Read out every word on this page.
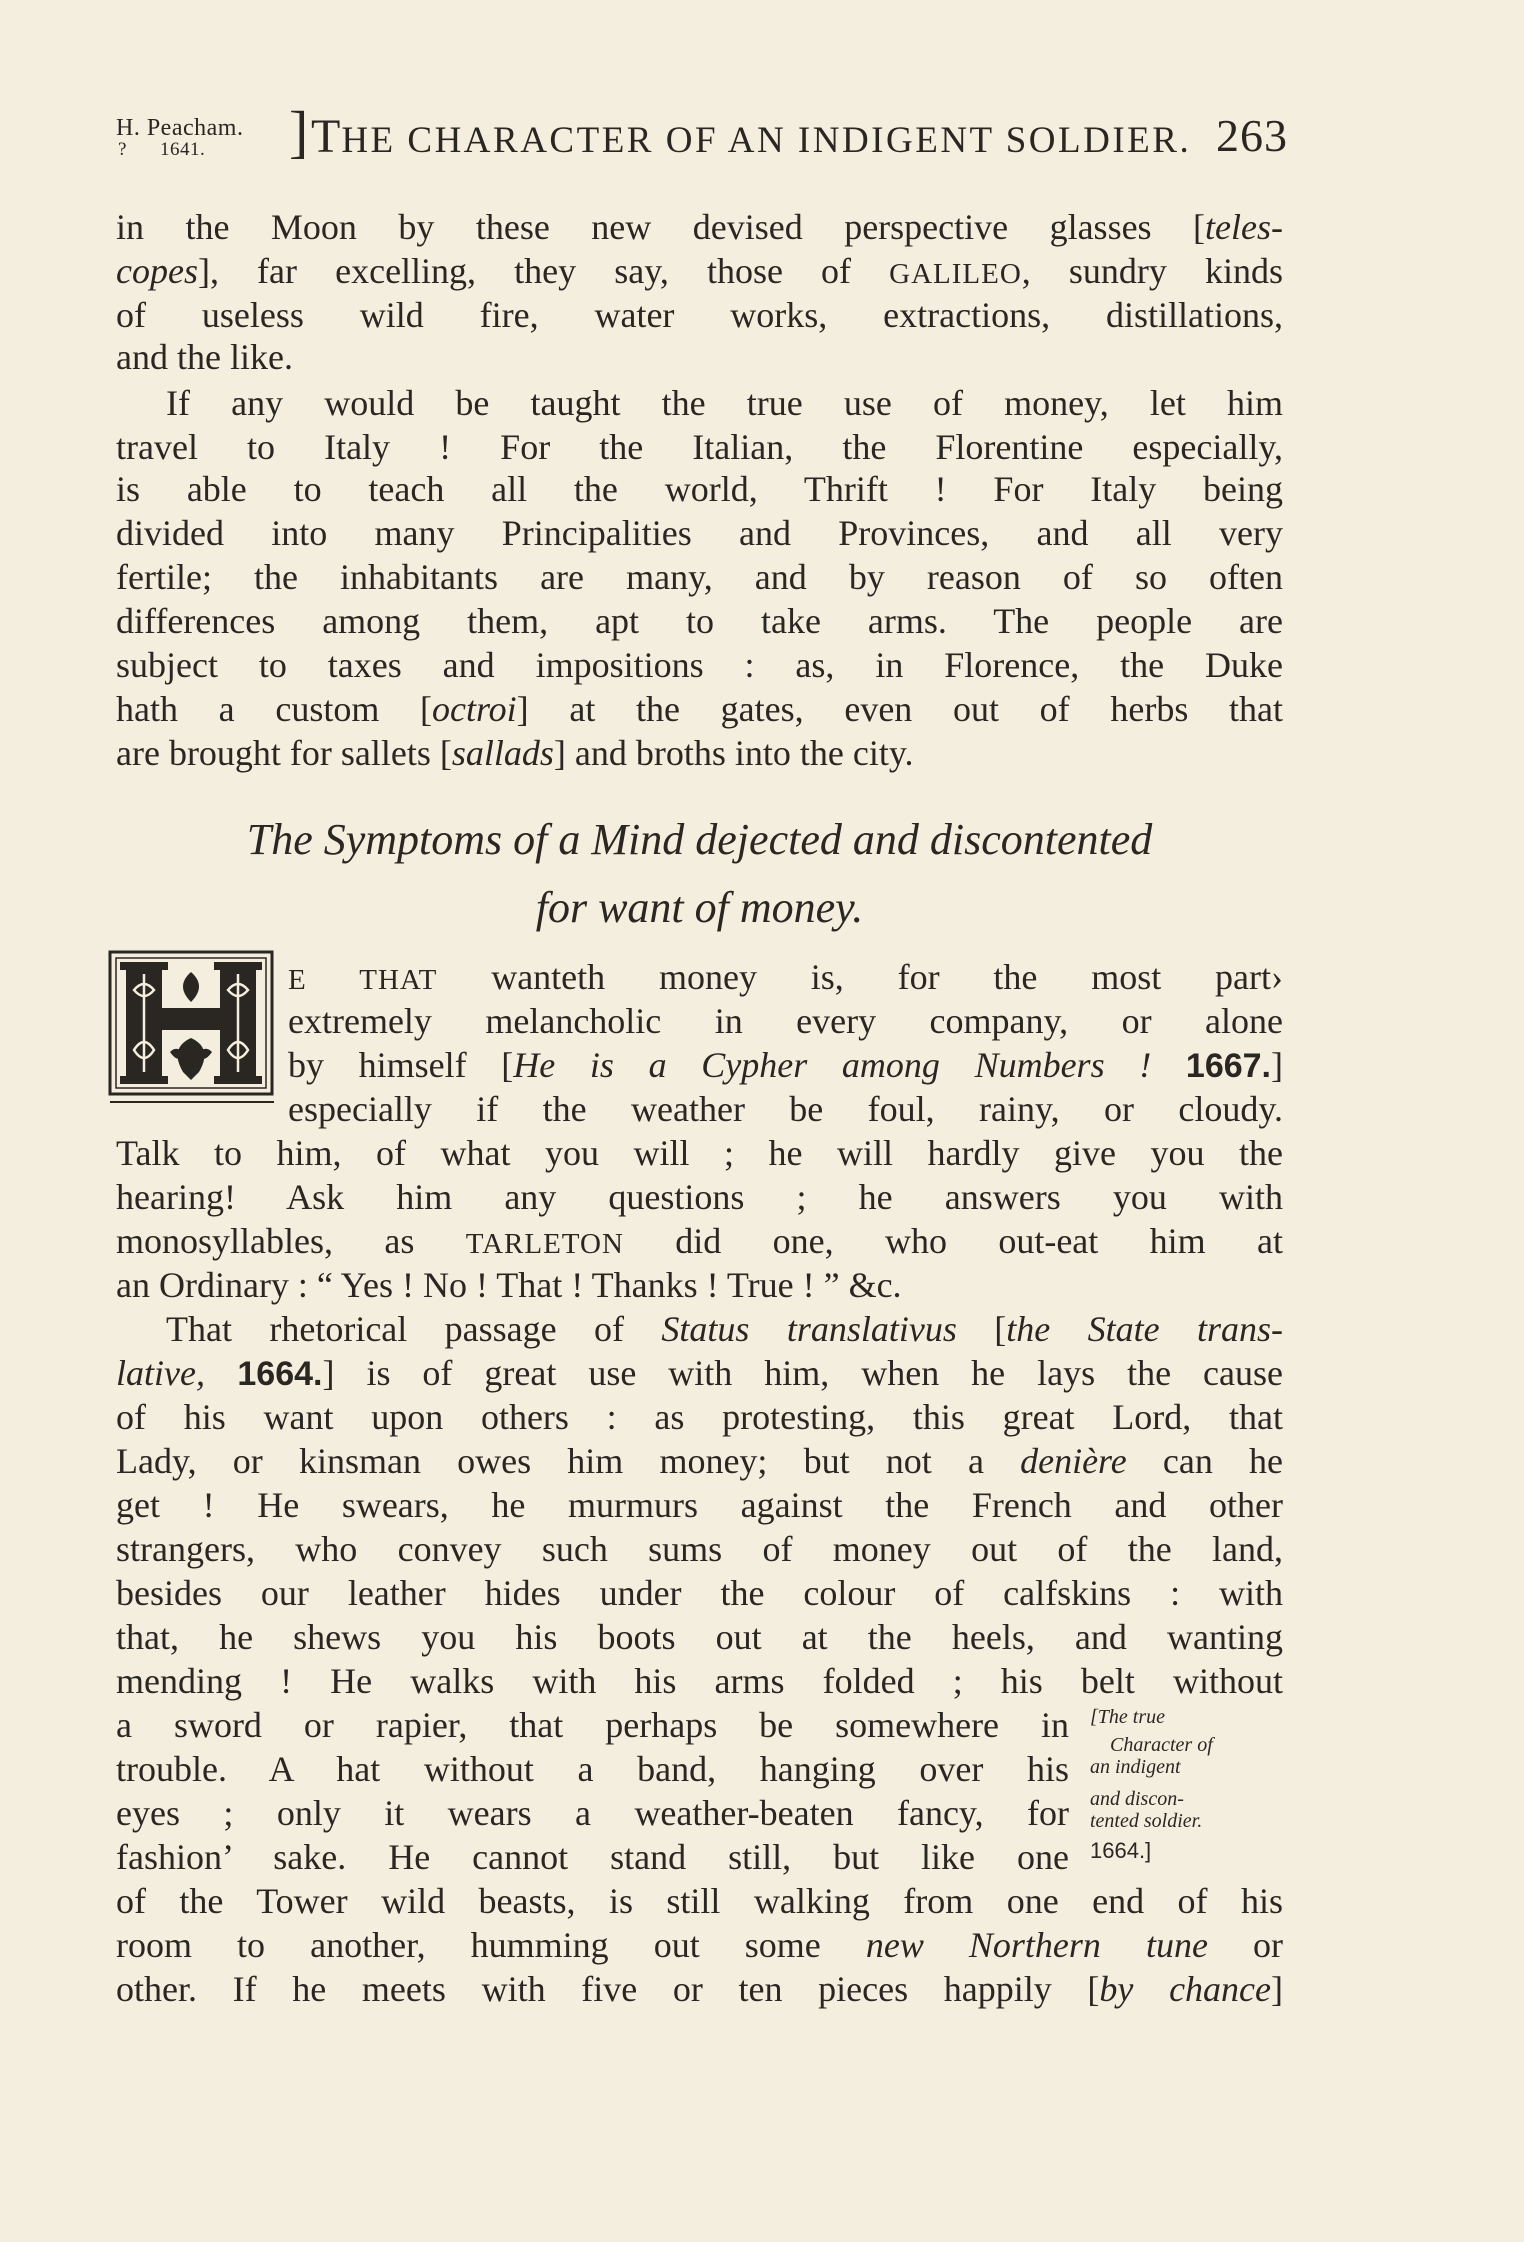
H. Peacham.
? 1641. ] THE CHARACTER OF AN INDIGENT SOLDIER. 263
in the Moon by these new devised perspective glasses [teles-
copes], far excelling, they say, those of GALILEO, sundry kinds
of useless wild fire, water works, extractions, distillations,
and the like.
If any would be taught the true use of money, let him
travel to Italy ! For the Italian, the Florentine especially,
is able to teach all the world, Thrift ! For Italy being
divided into many Principalities and Provinces, and all very
fertile; the inhabitants are many, and by reason of so often
differences among them, apt to take arms. The people are
subject to taxes and impositions : as, in Florence, the Duke
hath a custom [octroi] at the gates, even out of herbs that
are brought for sallets [sallads] and broths into the city.
The Symptoms of a Mind dejected and discontented
for want of money.
E THAT wanteth money is, for the most part›
extremely melancholic in every company, or alone
by himself [He is a Cypher among Numbers ! 1667.]
especially if the weather be foul, rainy, or cloudy.
Talk to him, of what you will ; he will hardly give you the
hearing! Ask him any questions ; he answers you with
monosyllables, as TARLETON did one, who out-eat him at
an Ordinary : “ Yes ! No ! That ! Thanks ! True ! ” &c.
That rhetorical passage of Status translativus [the State trans-
lative, 1664.] is of great use with him, when he lays the cause
of his want upon others : as protesting, this great Lord, that
Lady, or kinsman owes him money; but not a denière can he
get ! He swears, he murmurs against the French and other
strangers, who convey such sums of money out of the land,
besides our leather hides under the colour of calfskins : with
that, he shews you his boots out at the heels, and wanting
mending ! He walks with his arms folded ; his belt without
a sword or rapier, that perhaps be somewhere in
trouble. A hat without a band, hanging over his
eyes ; only it wears a weather-beaten fancy, for
fashion’ sake. He cannot stand still, but like one
of the Tower wild beasts, is still walking from one end of his
room to another, humming out some new Northern tune or
other. If he meets with five or ten pieces happily [by chance]
[The true
Character of
an indigent
and discon-
tented soldier.
1664.]
